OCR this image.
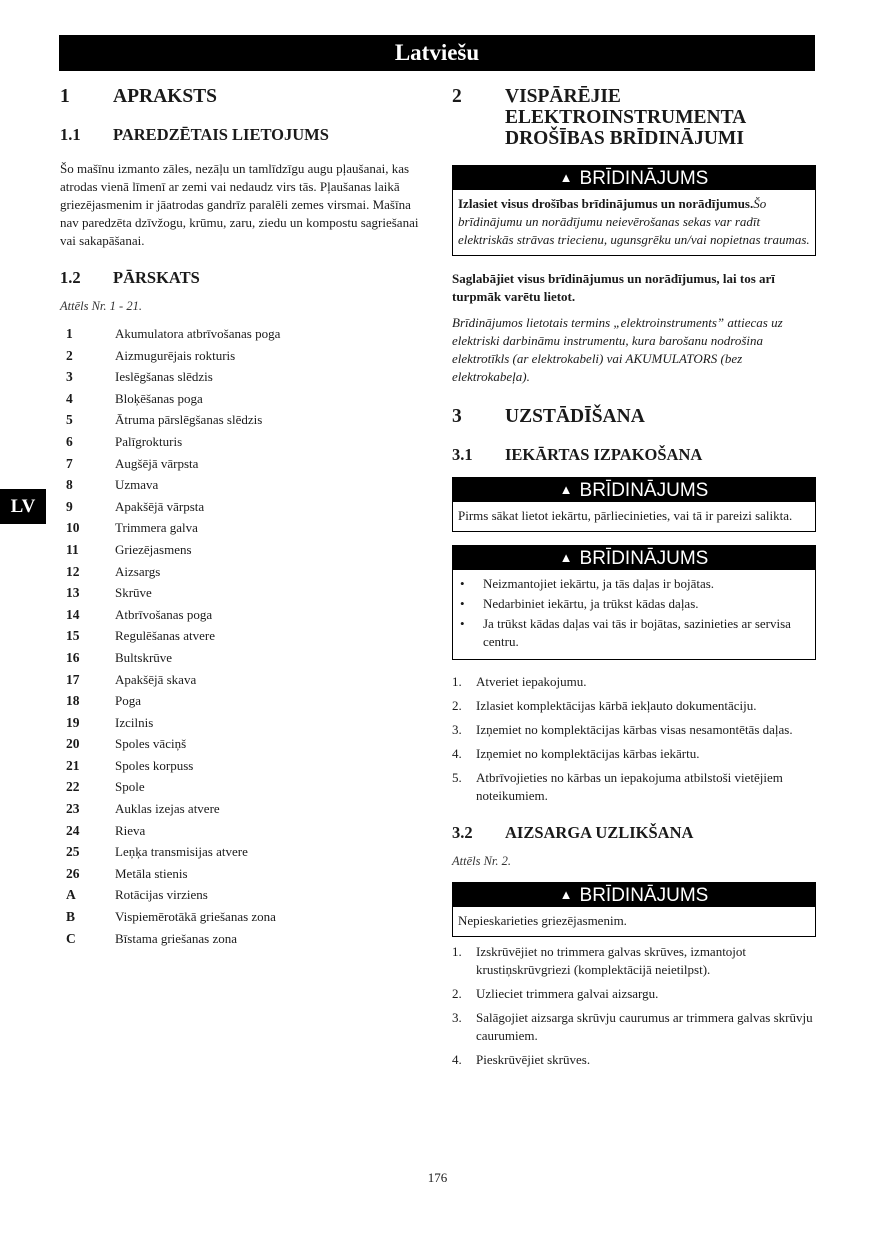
Latviešu
LV
1	APRAKSTS
1.1	PAREDZĒTAIS LIETOJUMS

Šo mašīnu izmanto zāles, nezāļu un tamlīdzīgu augu pļaušanai, kas atrodas vienā līmenī ar zemi vai nedaudz virs tās. Pļaušanas laikā griezējasmenim ir jāatrodas gandrīz paralēli zemes virsmai. Mašīna nav paredzēta dzīvžogu, krūmu, zaru, ziedu un kompostu sagriešanai vai sakapāšanai.

1.2	PĀRSKATS

Attēls Nr. 1 - 21.

1	Akumulatora atbrīvošanas poga
2	Aizmugurējais rokturis
3	Ieslēgšanas slēdzis
4	Bloķēšanas poga
5	Ātruma pārslēgšanas slēdzis
6	Palīgrokturis
7	Augšējā vārpsta
8	Uzmava
9	Apakšējā vārpsta
10	Trimmera galva
11	Griezējasmens
12	Aizsargs
13	Skrūve
14	Atbrīvošanas poga
15	Regulēšanas atvere
16	Bultskrūve
17	Apakšējā skava
18	Poga
19	Izcilnis
20	Spoles vāciņš
21	Spoles korpuss
22	Spole
23	Auklas izejas atvere
24	Rieva
25	Leņķa transmisijas atvere
26	Metāla stienis
A	Rotācijas virziens
B	Vispiemērotākā griešanas zona
C	Bīstama griešanas zona
2	VISPĀRĒJIE
ELEKTROINSTRUMENTA
DROŠĪBAS BRĪDINĀJUMI
▲ BRĪDINĀJUMS
Izlasiet visus drošības brīdinājumus un norādījumus.Šo brīdinājumu un norādījumu neievērošanas sekas var radīt elektriskās strāvas triecienu, ugunsgrēku un/vai nopietnas traumas.

Saglabājiet visus brīdinājumus un norādījumus, lai tos arī turpmāk varētu lietot.

Brīdinājumos lietotais termins „elektroinstruments” attiecas uz elektriski darbināmu instrumentu, kura barošanu nodrošina elektrotīkls (ar elektrokabeli) vai AKUMULATORS (bez elektrokabeļa).

3	UZSTĀDĪŠANA
3.1	IEKĀRTAS IZPAKOŠANA
▲ BRĪDINĀJUMS
Pirms sākat lietot iekārtu, pārliecinieties, vai tā ir pareizi salikta.
▲ BRĪDINĀJUMS
•	Neizmantojiet iekārtu, ja tās daļas ir bojātas.
•	Nedarbiniet iekārtu, ja trūkst kādas daļas.
•	Ja trūkst kādas daļas vai tās ir bojātas, sazinieties ar servisa centru.
1.	Atveriet iepakojumu.
2.	Izlasiet komplektācijas kārbā iekļauto dokumentāciju.
3.	Izņemiet no komplektācijas kārbas visas nesamontētās daļas.
4.	Izņemiet no komplektācijas kārbas iekārtu.
5.	Atbrīvojieties no kārbas un iepakojuma atbilstoši vietējiem noteikumiem.
3.2	AIZSARGA UZLIKŠANA

Attēls Nr. 2.

▲ BRĪDINĀJUMS
Nepieskarieties griezējasmenim.
1.	Izskrūvējiet no trimmera galvas skrūves, izmantojot krustiņskrūvgriezi (komplektācijā neietilpst).
2.	Uzlieciet trimmera galvai aizsargu.
3.	Salāgojiet aizsarga skrūvju caurumus ar trimmera galvas skrūvju caurumiem.
4.	Pieskrūvējiet skrūves.
176
